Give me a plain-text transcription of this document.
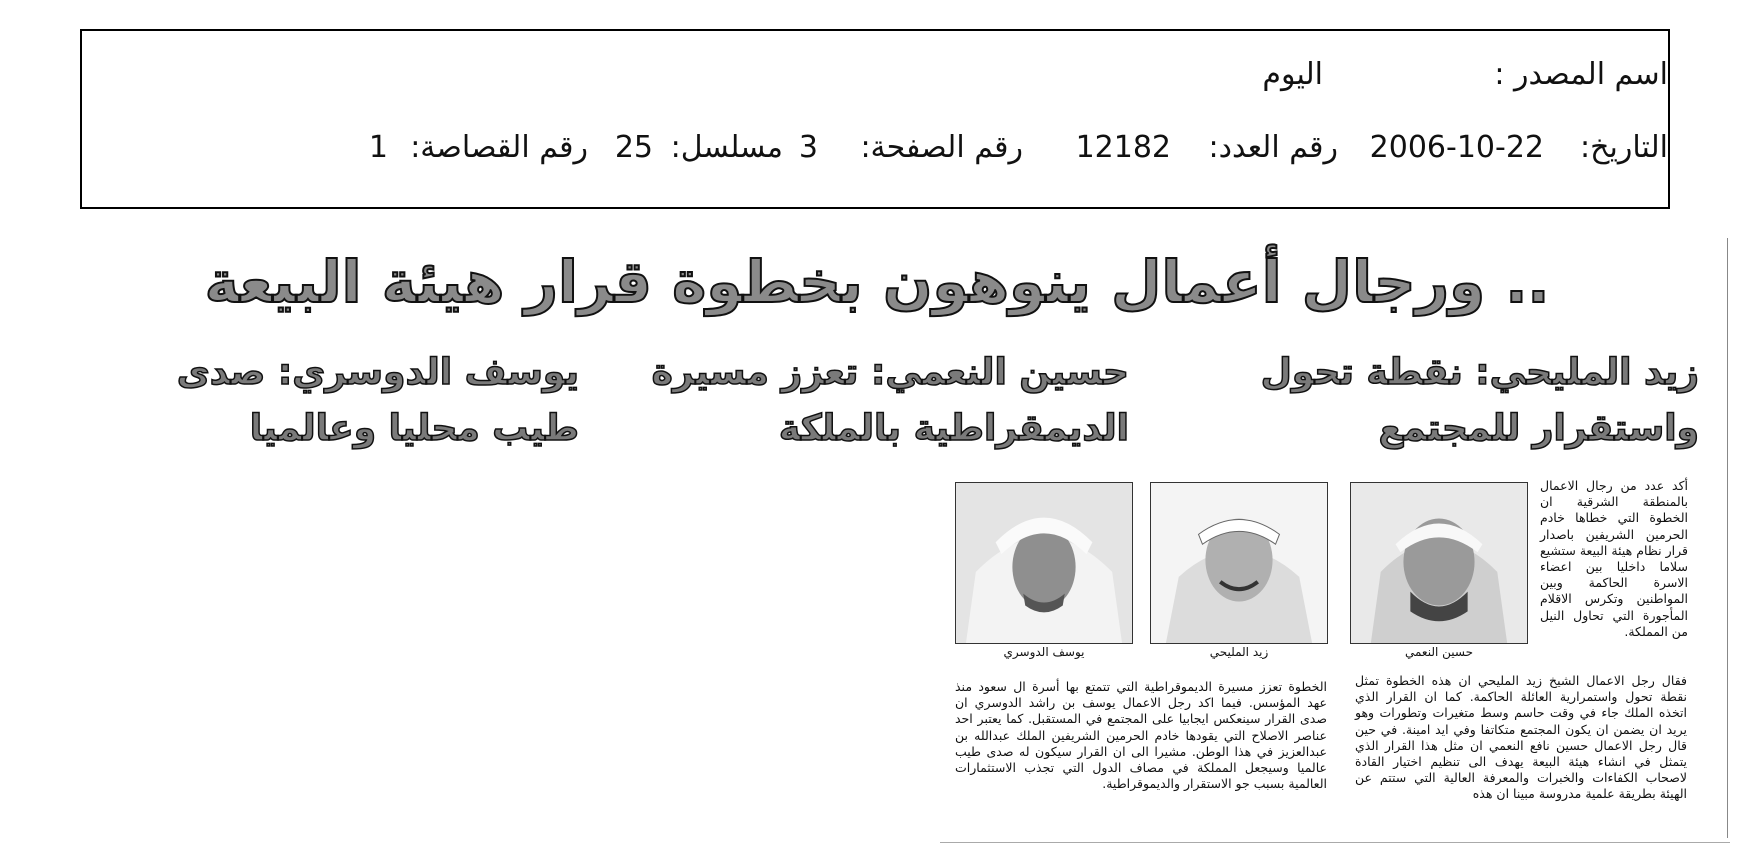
اسم المصدر :
اليوم
التاريخ:
2006-10-22
رقم العدد:
12182
رقم الصفحة:
3
مسلسل:
25
رقم القصاصة:
1
.. ورجال أعمال ينوهون بخطوة قرار هيئة البيعة
زيد المليحي: نقطة تحول
واستقرار للمجتمع
حسين النعمي: تعزز مسيرة
الديمقراطية بالملكة
يوسف الدوسري: صدى
طيب محليا وعالميا
أكد عدد من رجال الاعمال بالمنطقة الشرقية ان الخطوة التي خطاها خادم الحرمين الشريفين باصدار قرار نظام هيئة البيعة ستشيع سلاما داخليا بين اعضاء الاسرة الحاكمة وبين المواطنين وتكرس الاقلام المأجورة التي تحاول النيل من المملكة.
حسين النعمي
زيد المليحي
يوسف الدوسري
فقال رجل الاعمال الشيخ زيد المليحي ان هذه الخطوة تمثل نقطة تحول واستمرارية العائلة الحاكمة. كما ان القرار الذي اتخذه الملك جاء في وقت حاسم وسط متغيرات وتطورات وهو يريد ان يضمن ان يكون المجتمع متكاتفا وفي ايد امينة. في حين قال رجل الاعمال حسين نافع النعمي ان مثل هذا القرار الذي يتمثل في انشاء هيئة البيعة يهدف الى تنظيم اختيار القادة لاصحاب الكفاءات والخبرات والمعرفة العالية التي ستتم عن الهيئة بطريقة علمية مدروسة مبينا ان هذه
الخطوة تعزز مسيرة الديموقراطية التي تتمتع بها أسرة ال سعود منذ عهد المؤسس. فيما اكد رجل الاعمال يوسف بن راشد الدوسري ان صدى القرار سينعكس ايجابيا على المجتمع في المستقبل. كما يعتبر احد عناصر الاصلاح التي يقودها خادم الحرمين الشريفين الملك عبدالله بن عبدالعزيز في هذا الوطن. مشيرا الى ان القرار سيكون له صدى طيب عالميا وسيجعل المملكة في مصاف الدول التي تجذب الاستثمارات العالمية بسبب جو الاستقرار والديموقراطية.
